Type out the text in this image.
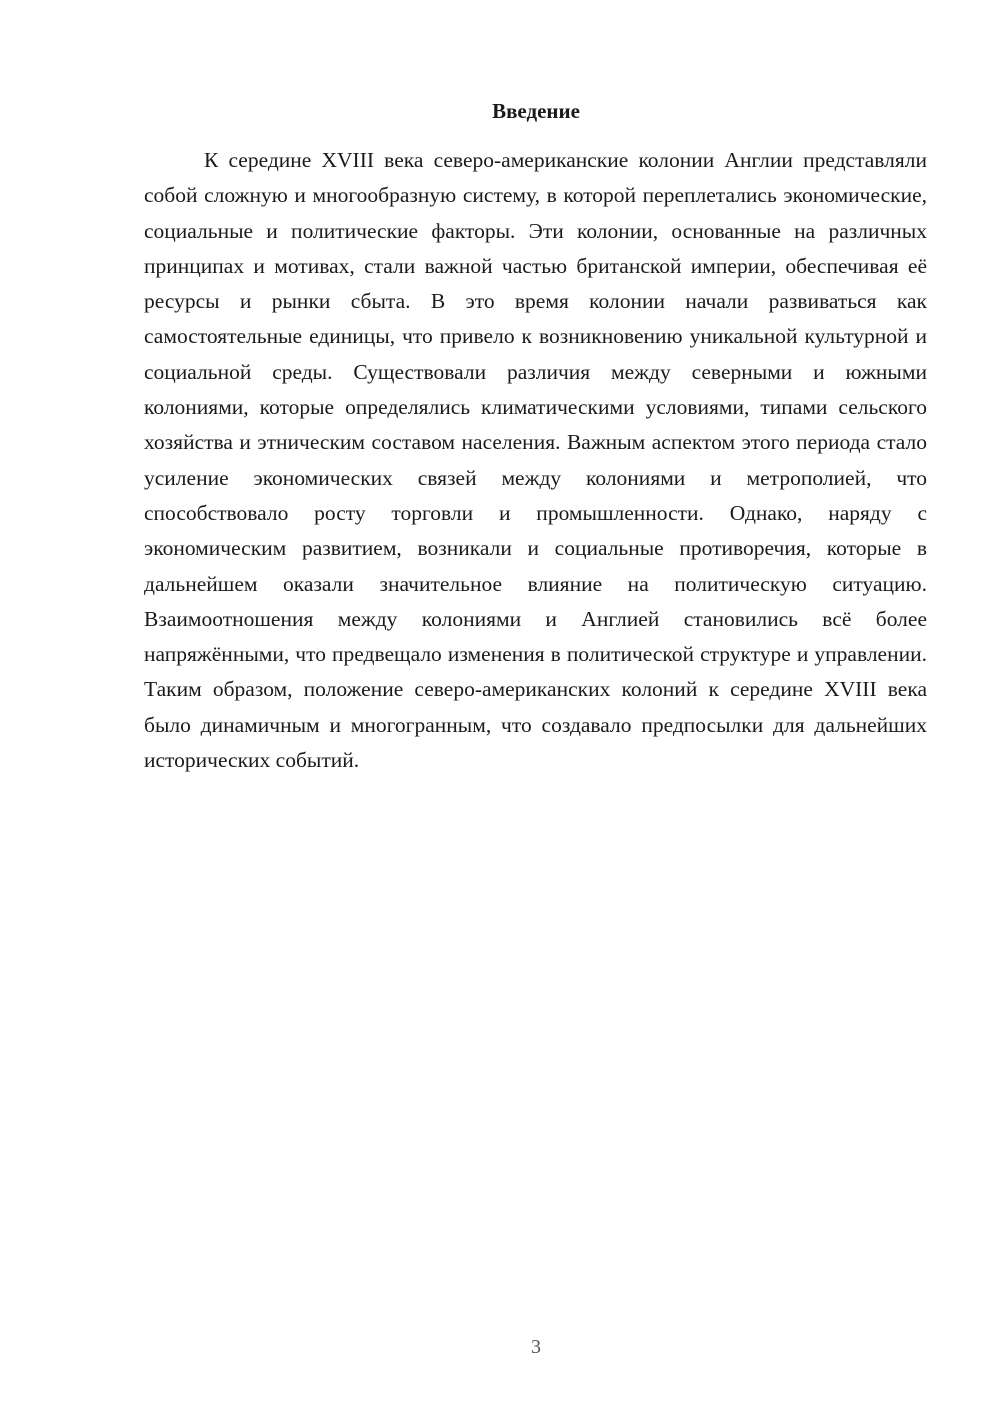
Введение

К середине XVIII века северо-американские колонии Англии представляли собой сложную и многообразную систему, в которой переплетались экономические, социальные и политические факторы. Эти колонии, основанные на различных принципах и мотивах, стали важной частью британской империи, обеспечивая её ресурсы и рынки сбыта. В это время колонии начали развиваться как самостоятельные единицы, что привело к возникновению уникальной культурной и социальной среды. Существовали различия между северными и южными колониями, которые определялись климатическими условиями, типами сельского хозяйства и этническим составом населения. Важным аспектом этого периода стало усиление экономических связей между колониями и метрополией, что способствовало росту торговли и промышленности. Однако, наряду с экономическим развитием, возникали и социальные противоречия, которые в дальнейшем оказали значительное влияние на политическую ситуацию. Взаимоотношения между колониями и Англией становились всё более напряжёнными, что предвещало изменения в политической структуре и управлении. Таким образом, положение северо-американских колоний к середине XVIII века было динамичным и многогранным, что создавало предпосылки для дальнейших исторических событий.

3
